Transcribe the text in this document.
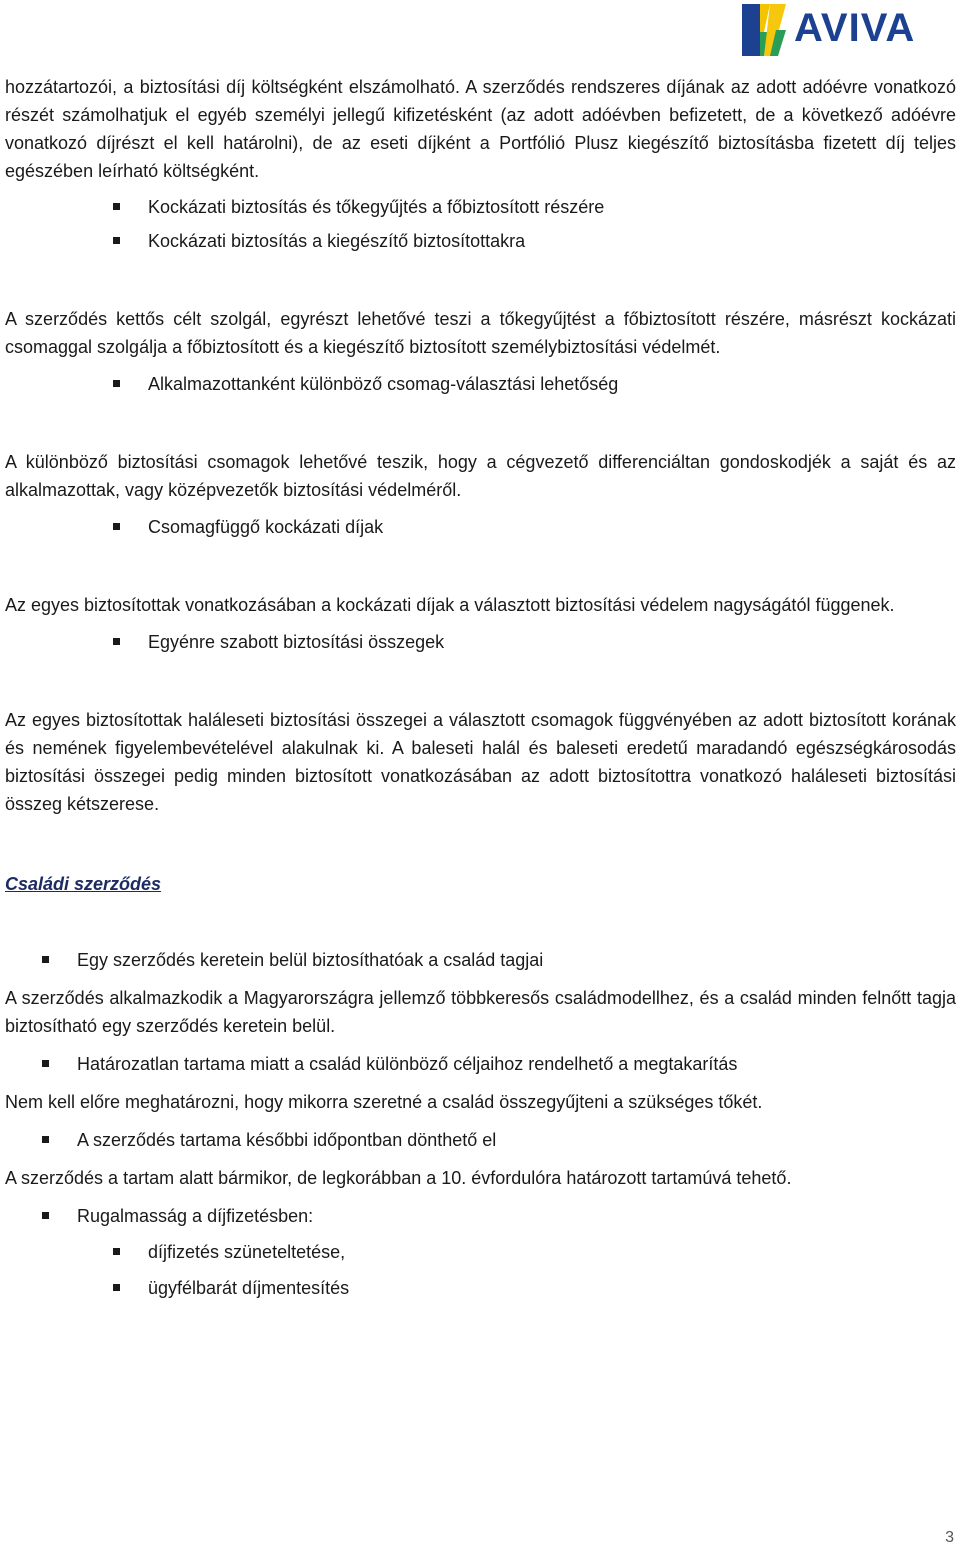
AVIVA

hozzátartozói, a biztosítási díj költségként elszámolható. A szerződés rendszeres díjának az adott adóévre vonatkozó részét számolhatjuk el egyéb személyi jellegű kifizetésként (az adott adóévben befizetett, de a következő adóévre vonatkozó díjrészt el kell határolni), de az eseti díjként a Portfólió Plusz kiegészítő biztosításba fizetett díj teljes egészében leírható költségként.

Kockázati biztosítás és tőkegyűjtés a főbiztosított részére
Kockázati biztosítás a kiegészítő biztosítottakra

A szerződés kettős célt szolgál, egyrészt lehetővé teszi a tőkegyűjtést a főbiztosított részére, másrészt kockázati csomaggal szolgálja a főbiztosított és a kiegészítő biztosított személybiztosítási védelmét.

Alkalmazottanként különböző csomag-választási lehetőség

A különböző biztosítási csomagok lehetővé teszik, hogy a cégvezető differenciáltan gondoskodjék a saját és az alkalmazottak, vagy középvezetők biztosítási védelméről.

Csomagfüggő kockázati díjak

Az egyes biztosítottak vonatkozásában a kockázati díjak a választott biztosítási védelem nagyságától függenek.

Egyénre szabott biztosítási összegek

Az egyes biztosítottak haláleseti biztosítási összegei a választott csomagok függvényében az adott biztosított korának és nemének figyelembevételével alakulnak ki. A baleseti halál és baleseti eredetű maradandó egészségkárosodás biztosítási összegei pedig minden biztosított vonatkozásában az adott biztosítottra vonatkozó haláleseti biztosítási összeg kétszerese.

Családi szerződés

Egy szerződés keretein belül biztosíthatóak a család tagjai

A szerződés alkalmazkodik a Magyarországra jellemző többkeresős családmodellhez, és a család minden felnőtt tagja biztosítható egy szerződés keretein belül.

Határozatlan tartama miatt a család különböző céljaihoz rendelhető a megtakarítás

Nem kell előre meghatározni, hogy mikorra szeretné a család összegyűjteni a szükséges tőkét.

A szerződés tartama későbbi időpontban dönthető el

A szerződés a tartam alatt bármikor, de legkorábban a 10. évfordulóra határozott tartamúvá tehető.

Rugalmasság a díjfizetésben:
díjfizetés szüneteltetése,
ügyfélbarát díjmentesítés
3
